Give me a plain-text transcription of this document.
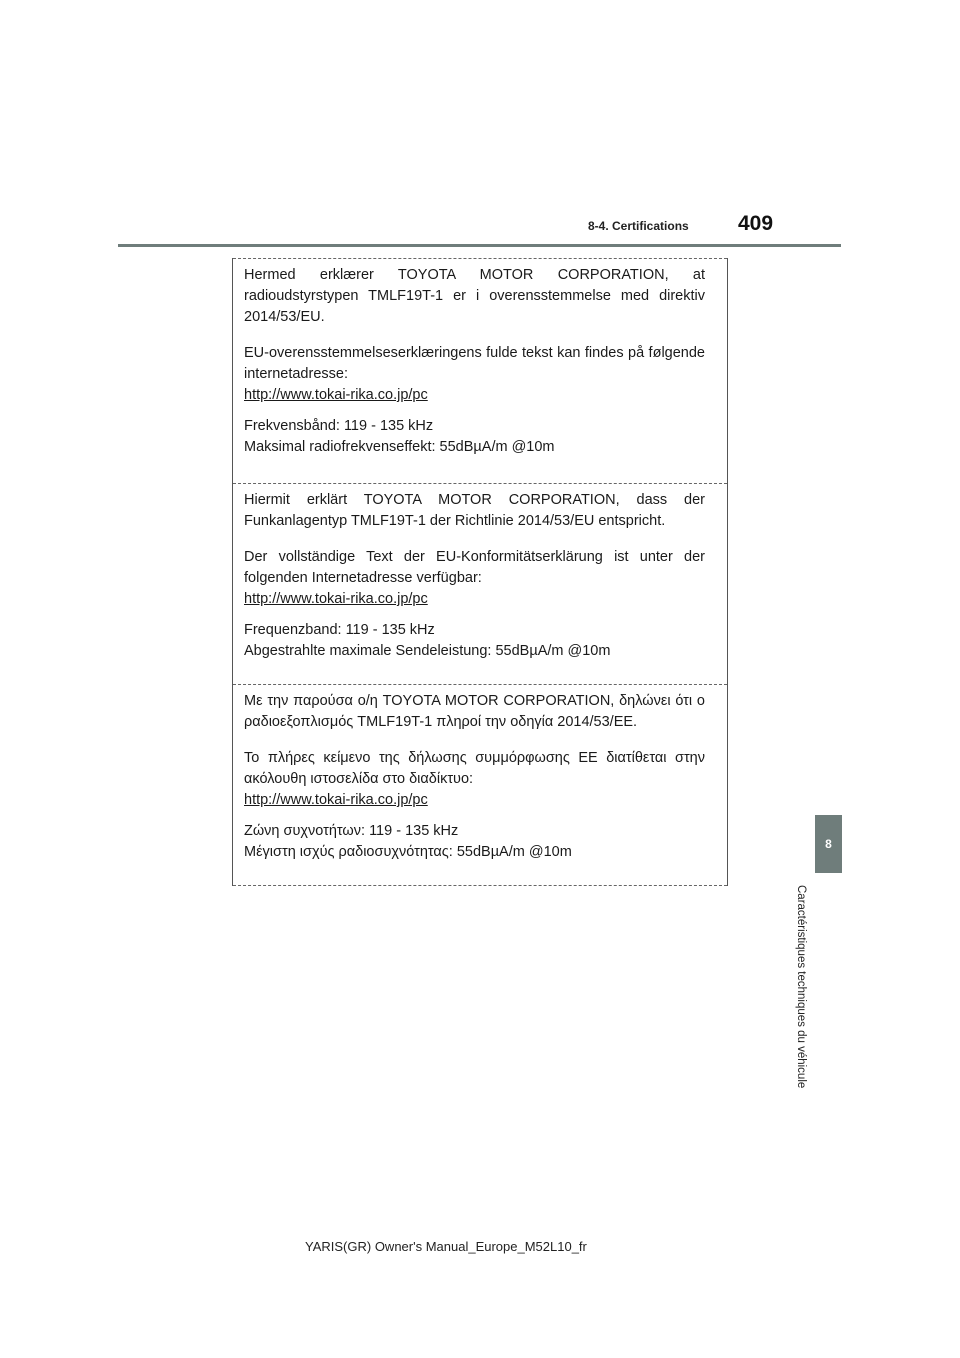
8-4. Certifications 409

Hermed erklærer TOYOTA MOTOR CORPORATION, at radioudstyrstypen TMLF19T-1 er i overensstemmelse med direktiv 2014/53/EU.

EU-overensstemmelseserklæringens fulde tekst kan findes på følgende internetadresse:
http://www.tokai-rika.co.jp/pc

Frekvensbånd: 119 - 135 kHz
Maksimal radiofrekvenseffekt: 55dBµA/m @10m

Hiermit erklärt TOYOTA MOTOR CORPORATION, dass der Funkanlagentyp TMLF19T-1 der Richtlinie 2014/53/EU entspricht.

Der vollständige Text der EU-Konformitätserklärung ist unter der folgenden Internetadresse verfügbar:
http://www.tokai-rika.co.jp/pc

Frequenzband: 119 - 135 kHz
Abgestrahlte maximale Sendeleistung: 55dBµA/m @10m

Με την παρούσα ο/η TOYOTA MOTOR CORPORATION, δηλώνει ότι ο ραδιοεξοπλισμός TMLF19T-1 πληροί την οδηγία 2014/53/ΕΕ.

Το πλήρες κείμενο της δήλωσης συμμόρφωσης ΕΕ διατίθεται στην ακόλουθη ιστοσελίδα στο διαδίκτυο:
http://www.tokai-rika.co.jp/pc

Ζώνη συχνοτήτων: 119 - 135 kHz
Μέγιστη ισχύς ραδιοσυχνότητας: 55dBµA/m @10m	8
Caractéristiques techniques du véhicule
YARIS(GR) Owner's Manual_Europe_M52L10_fr
